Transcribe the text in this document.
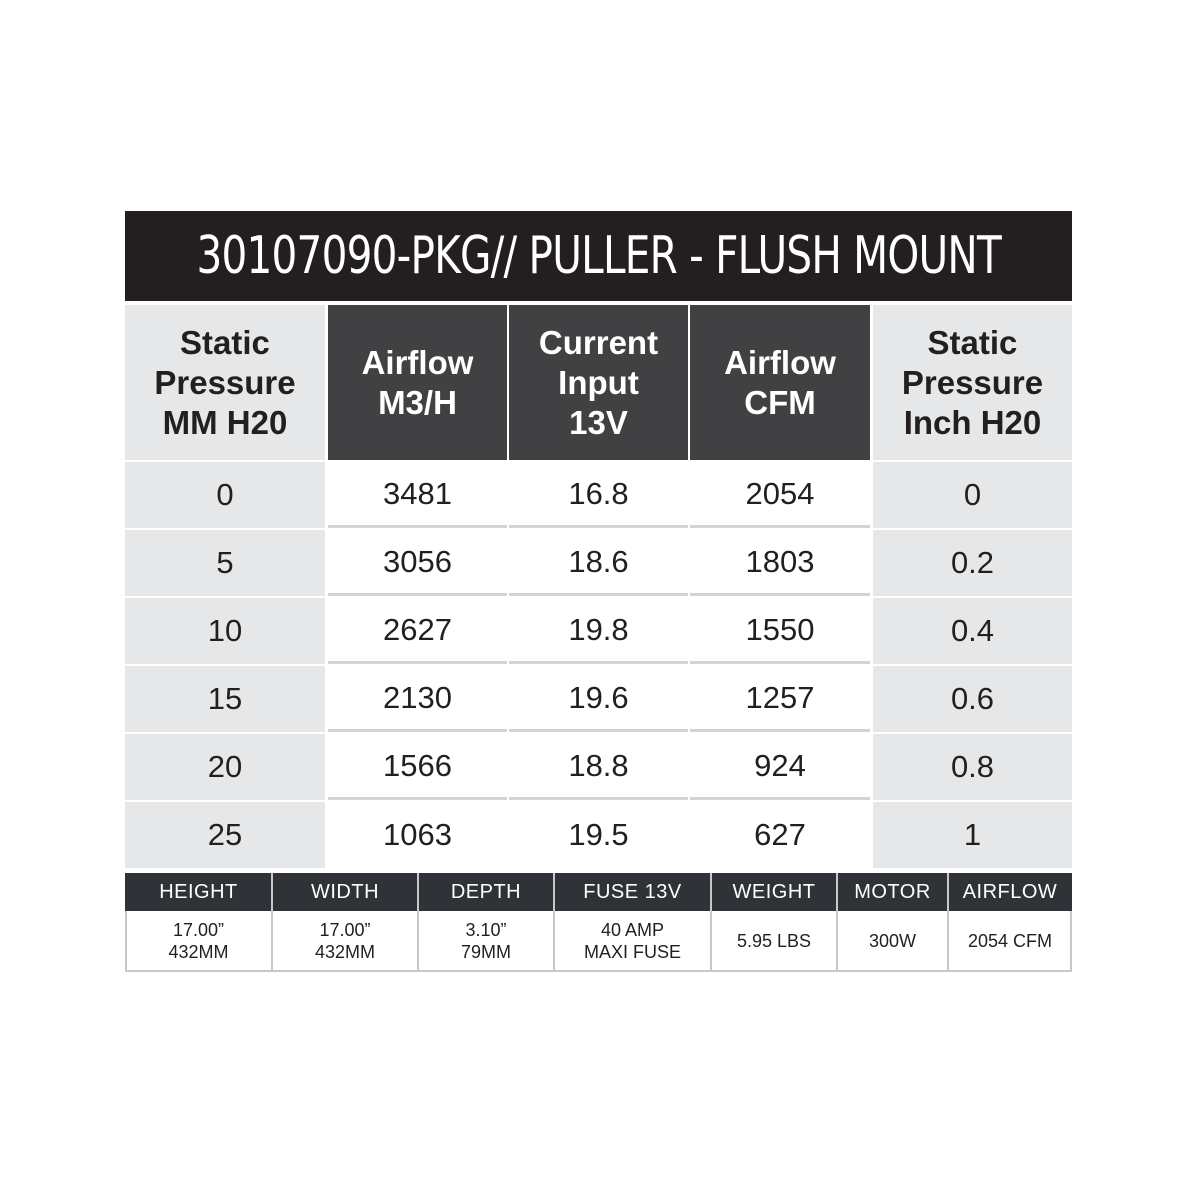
30107090-PKG// PULLER - FLUSH MOUNT
Static
Pressure
MM H20
0
5
10
15
20
25
Airflow
M3/H
3481
3056
2627
2130
1566
1063
Current
Input
13V
16.8
18.6
19.8
19.6
18.8
19.5
Airflow
CFM
2054
1803
1550
1257
924
627
Static
Pressure
Inch H20
0
0.2
0.4
0.6
0.8
1
HEIGHT
17.00”
432MM
WIDTH
17.00”
432MM
DEPTH
3.10”
79MM
FUSE 13V
40 AMP
MAXI FUSE
WEIGHT
5.95 LBS
MOTOR
300W
AIRFLOW
2054 CFM
